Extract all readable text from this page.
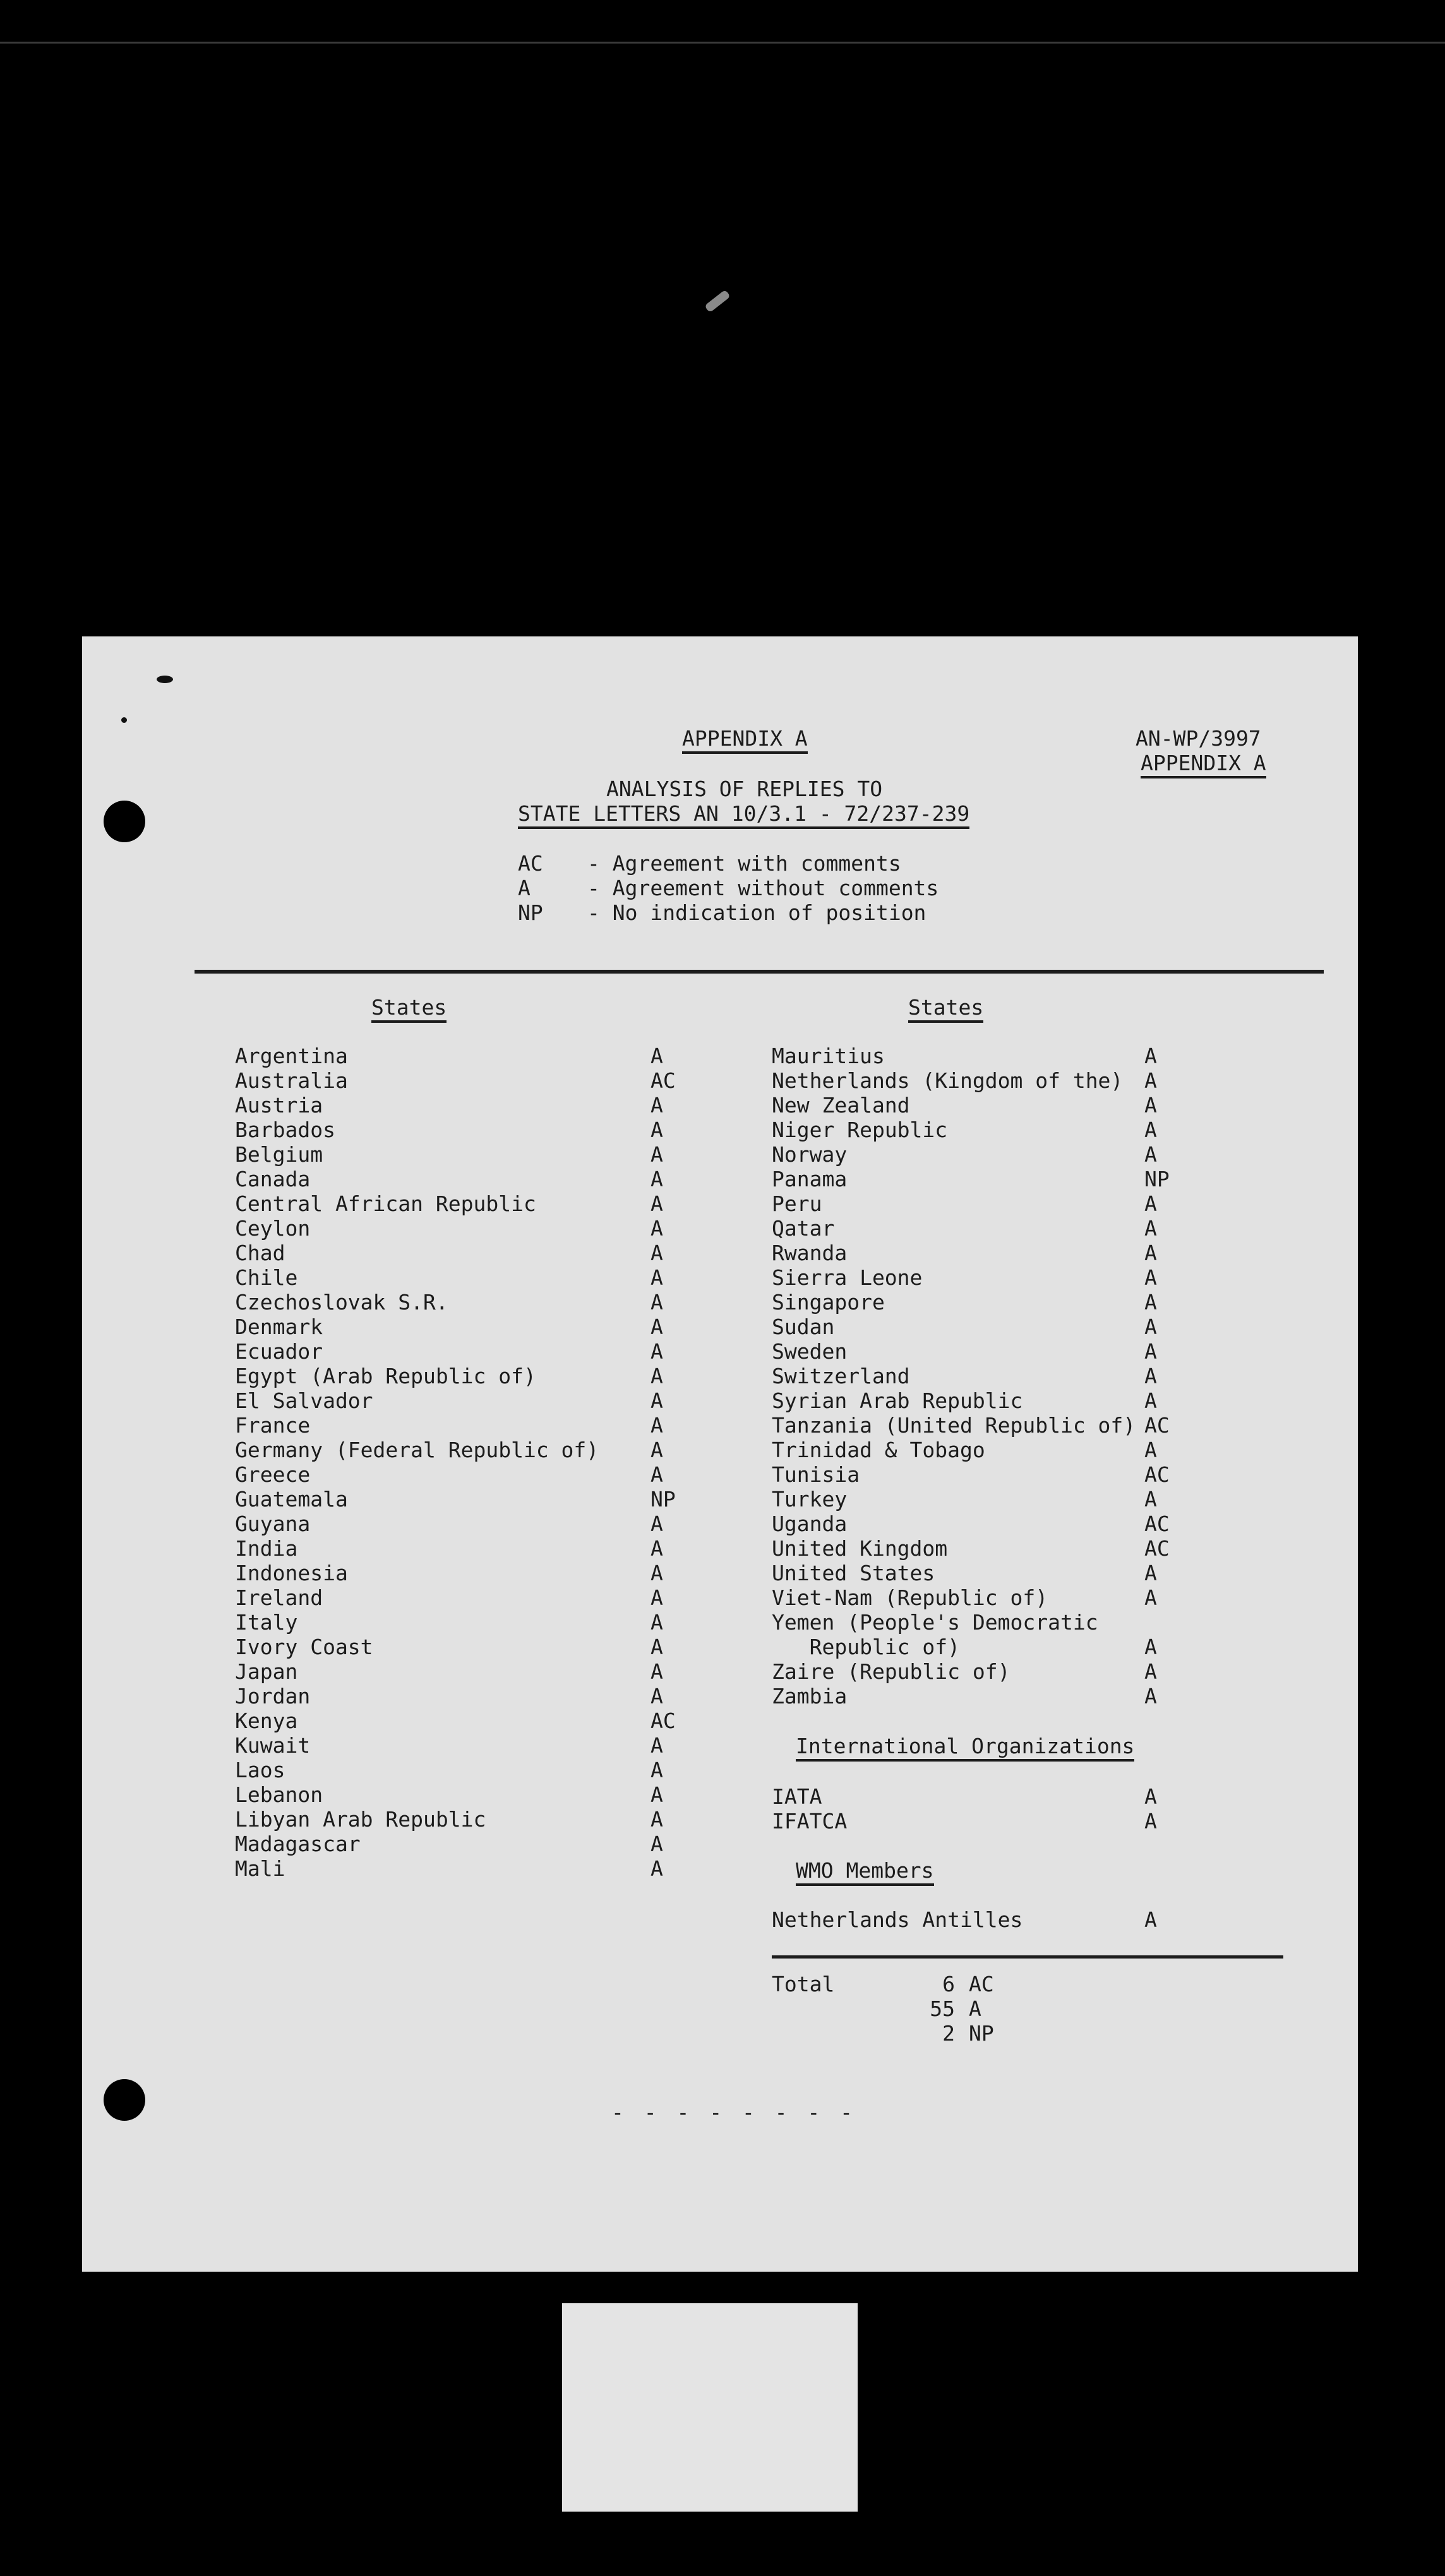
APPENDIX A	AN-WP/3997
APPENDIX A
ANALYSIS OF REPLIES TO
STATE LETTERS AN 10/3.1 - 72/237-239
AC	- Agreement with comments
A	- Agreement without comments
NP	- No indication of position
States	States
Argentina	A
Australia	AC
Austria	A
Barbados	A
Belgium	A
Canada	A
Central African Republic	A
Ceylon	A
Chad	A
Chile	A
Czechoslovak S.R.	A
Denmark	A
Ecuador	A
Egypt (Arab Republic of)	A
El Salvador	A
France	A
Germany (Federal Republic of)	A
Greece	A
Guatemala	NP
Guyana	A
India	A
Indonesia	A
Ireland	A
Italy	A
Ivory Coast	A
Japan	A
Jordan	A
Kenya	AC
Kuwait	A
Laos	A
Lebanon	A
Libyan Arab Republic	A
Madagascar	A
Mali	A
Mauritius	A
Netherlands (Kingdom of the)	A
New Zealand	A
Niger Republic	A
Norway	A
Panama	NP
Peru	A
Qatar	A
Rwanda	A
Sierra Leone	A
Singapore	A
Sudan	A
Sweden	A
Switzerland	A
Syrian Arab Republic	A
Tanzania (United Republic of) AC
Trinidad & Tobago	A
Tunisia	AC
Turkey	A
Uganda	AC
United Kingdom	AC
United States	A
Viet-Nam (Republic of)	A
Yemen (People's Democratic
Republic of)	A
Zaire (Republic of)	A
Zambia	A
International Organizations
IATA	A
IFATCA	A
WMO Members
Netherlands Antilles	A
Total	6 AC
55 A
2 NP
- - - - - - - -
